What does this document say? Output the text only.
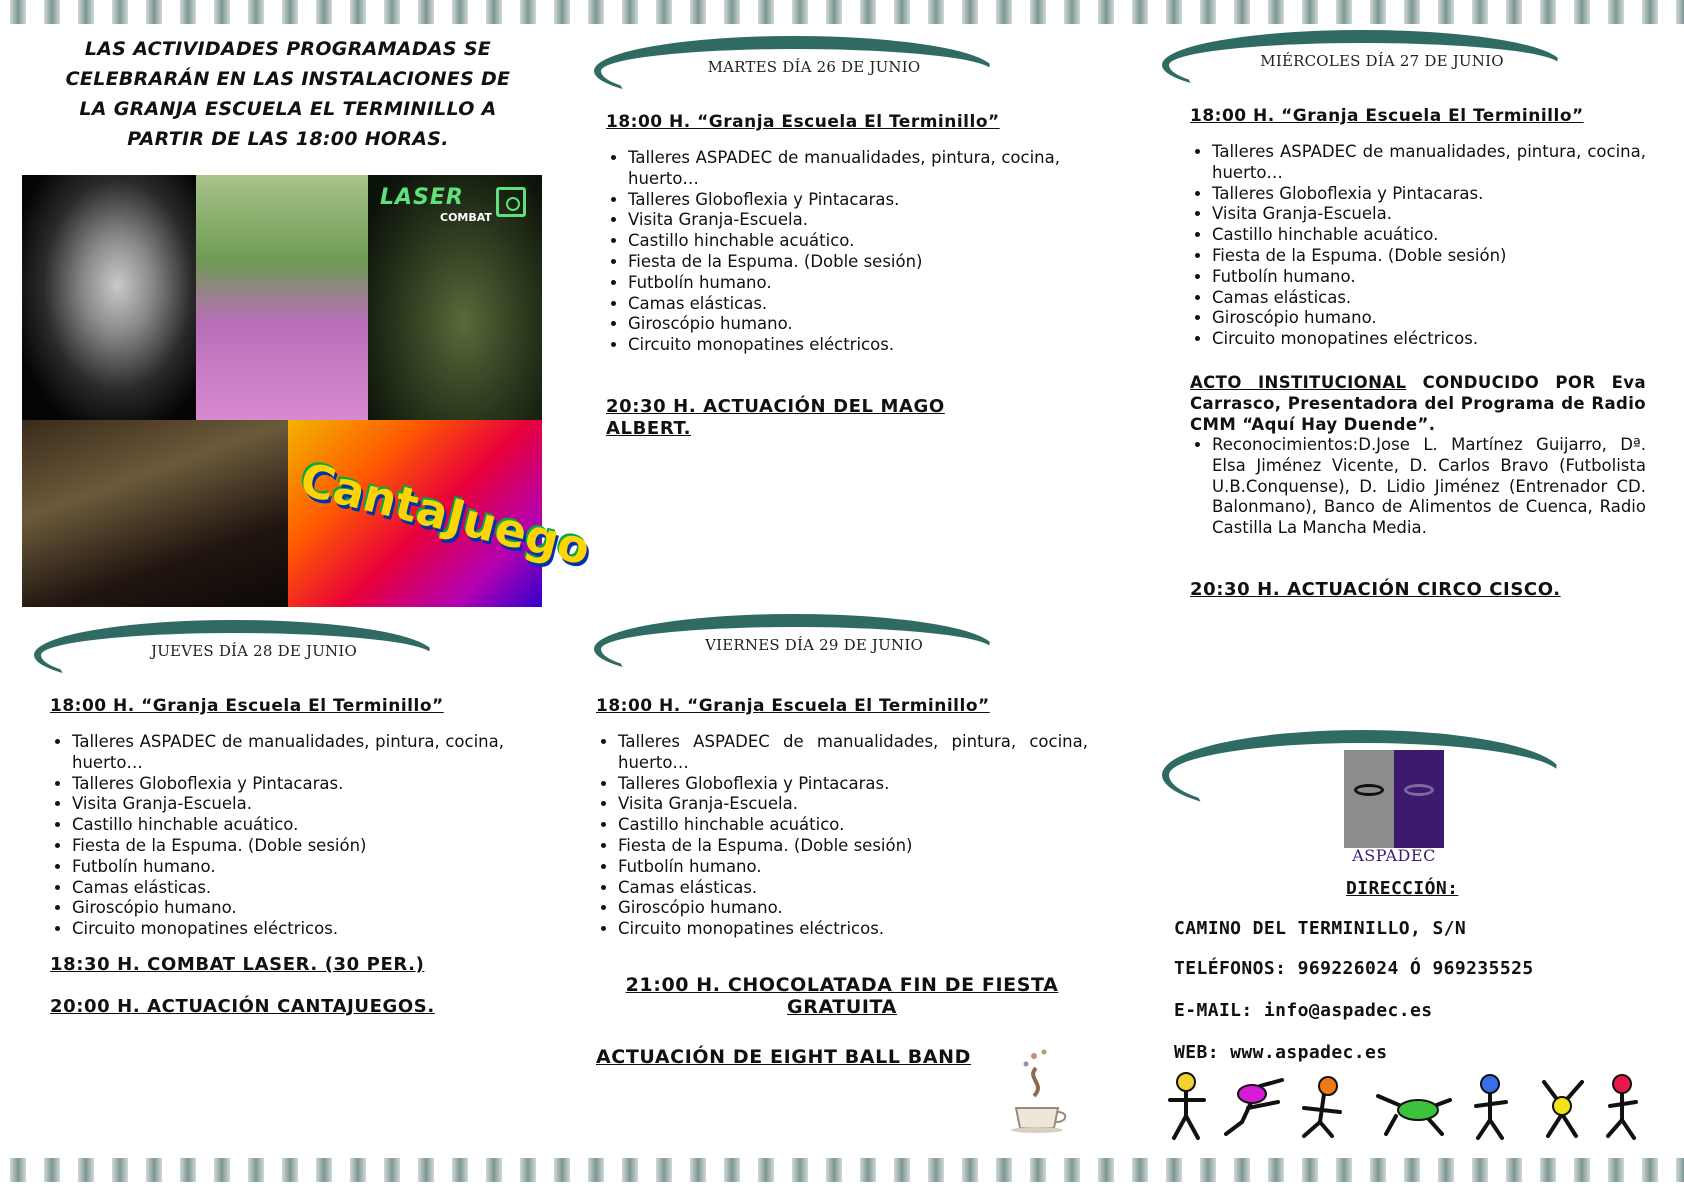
LAS ACTIVIDADES PROGRAMADAS SE
CELEBRARÁN EN LAS INSTALACIONES DE
LA GRANJA ESCUELA EL TERMINILLO A
PARTIR DE LAS 18:00 HORAS.
LASER
COMBAT
CantaJuego
MARTES DÍA 26 DE JUNIO
18:00 H. “Granja Escuela El Terminillo”
• Talleres ASPADEC de manualidades, pintura, cocina, huerto…
• Talleres Globoflexia y Pintacaras.
• Visita Granja-Escuela.
• Castillo hinchable acuático.
• Fiesta de la Espuma. (Doble sesión)
• Futbolín humano.
• Camas elásticas.
• Giroscópio humano.
• Circuito monopatines eléctricos.
20:30 H. ACTUACIÓN DEL MAGO ALBERT.
MIÉRCOLES DÍA 27 DE JUNIO
18:00 H. “Granja Escuela El Terminillo”
• Talleres ASPADEC de manualidades, pintura, cocina, huerto…
• Talleres Globoflexia y Pintacaras.
• Visita Granja-Escuela.
• Castillo hinchable acuático.
• Fiesta de la Espuma. (Doble sesión)
• Futbolín humano.
• Camas elásticas.
• Giroscópio humano.
• Circuito monopatines eléctricos.
ACTO INSTITUCIONAL CONDUCIDO POR Eva Carrasco, Presentadora del Programa de Radio CMM “Aquí Hay Duende”.
• Reconocimientos:D.Jose L. Martínez Guijarro, Dª. Elsa Jiménez Vicente, D. Carlos Bravo (Futbolista U.B.Conquense), D. Lidio Jiménez (Entrenador CD. Balonmano), Banco de Alimentos de Cuenca, Radio Castilla La Mancha Media.
20:30 H. ACTUACIÓN CIRCO CISCO.
JUEVES DÍA 28 DE JUNIO
18:00 H. “Granja Escuela El Terminillo”
• Talleres ASPADEC de manualidades, pintura, cocina, huerto…
• Talleres Globoflexia y Pintacaras.
• Visita Granja-Escuela.
• Castillo hinchable acuático.
• Fiesta de la Espuma. (Doble sesión)
• Futbolín humano.
• Camas elásticas.
• Giroscópio humano.
• Circuito monopatines eléctricos.
18:30 H. COMBAT LASER. (30 PER.)
20:00 H. ACTUACIÓN CANTAJUEGOS.
VIERNES DÍA 29 DE JUNIO
18:00 H. “Granja Escuela El Terminillo”
• Talleres ASPADEC de manualidades, pintura, cocina, huerto…
• Talleres Globoflexia y Pintacaras.
• Visita Granja-Escuela.
• Castillo hinchable acuático.
• Fiesta de la Espuma. (Doble sesión)
• Futbolín humano.
• Camas elásticas.
• Giroscópio humano.
• Circuito monopatines eléctricos.
21:00 H. CHOCOLATADA FIN DE FIESTA GRATUITA
ACTUACIÓN DE EIGHT BALL BAND
ASPADEC
DIRECCIÓN:
CAMINO DEL TERMINILLO, S/N
TELÉFONOS: 969226024 Ó 969235525
E-MAIL: info@aspadec.es
WEB: www.aspadec.es
